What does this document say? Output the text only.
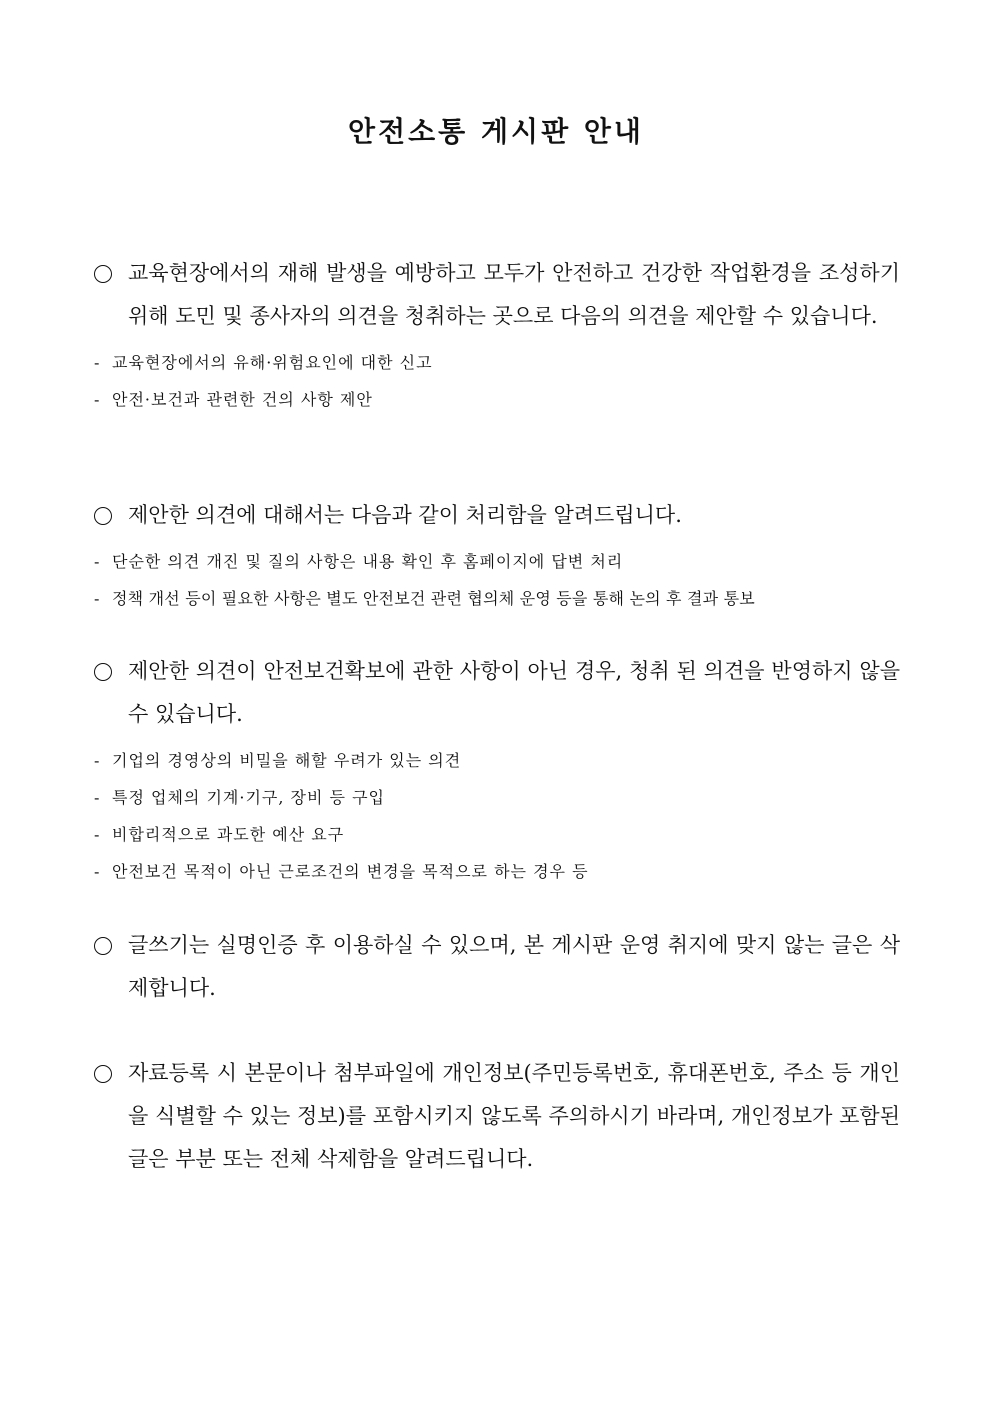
안전소통 게시판 안내
교육현장에서의 재해 발생을 예방하고 모두가 안전하고 건강한 작업환경을 조성하기 위해 도민 및 종사자의 의견을 청취하는 곳으로 다음의 의견을 제안할 수 있습니다.
- 교육현장에서의 유해·위험요인에 대한 신고
- 안전·보건과 관련한 건의 사항 제안
제안한 의견에 대해서는 다음과 같이 처리함을 알려드립니다.
- 단순한 의견 개진 및 질의 사항은 내용 확인 후 홈페이지에 답변 처리
- 정책 개선 등이 필요한 사항은 별도 안전보건 관련 협의체 운영 등을 통해 논의 후 결과 통보
제안한 의견이 안전보건확보에 관한 사항이 아닌 경우, 청취 된 의견을 반영하지 않을 수 있습니다.
- 기업의 경영상의 비밀을 해할 우려가 있는 의견
- 특정 업체의 기계·기구, 장비 등 구입
- 비합리적으로 과도한 예산 요구
- 안전보건 목적이 아닌 근로조건의 변경을 목적으로 하는 경우 등
글쓰기는 실명인증 후 이용하실 수 있으며, 본 게시판 운영 취지에 맞지 않는 글은 삭제합니다.
자료등록 시 본문이나 첨부파일에 개인정보(주민등록번호, 휴대폰번호, 주소 등 개인을 식별할 수 있는 정보)를 포함시키지 않도록 주의하시기 바라며, 개인정보가 포함된 글은 부분 또는 전체 삭제함을 알려드립니다.
